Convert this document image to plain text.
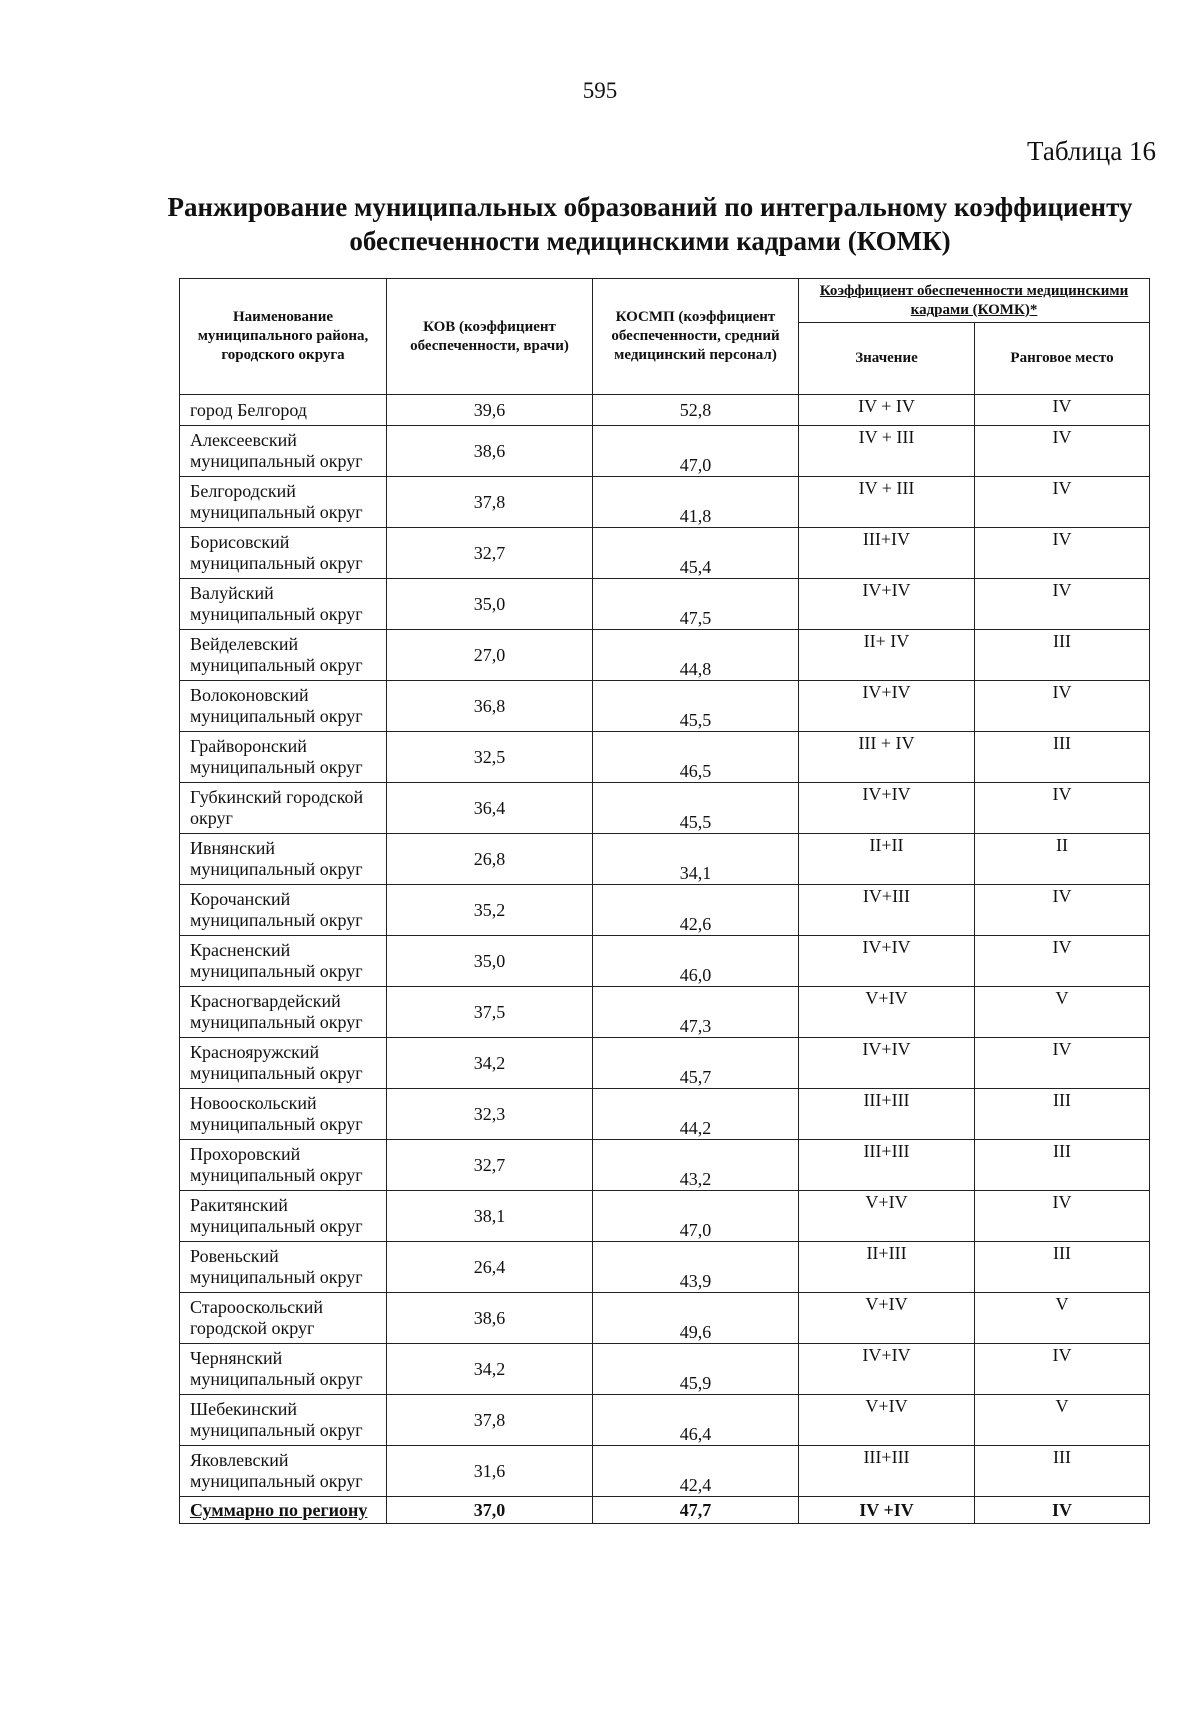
595
Таблица 16
Ранжирование муниципальных образований по интегральному коэффициенту
обеспеченности медицинскими кадрами (КОМК)
Наименование муниципального района, городского округа	КОВ (коэффициент обеспеченности, врачи)	КОСМП (коэффициент обеспеченности, средний медицинский персонал)	Коэффициент обеспеченности медицинскими кадрами (КОМК)*	
			Значение	Ранговое место
город Белгород	39,6	52,8	IV + IV	IV
Алексеевский муниципальный округ	38,6	47,0	IV + III	IV
Белгородский муниципальный округ	37,8	41,8	IV + III	IV
Борисовский муниципальный округ	32,7	45,4	III+IV	IV
Валуйский муниципальный округ	35,0	47,5	IV+IV	IV
Вейделевский муниципальный округ	27,0	44,8	II+ IV	III
Волоконовский муниципальный округ	36,8	45,5	IV+IV	IV
Грайворонский муниципальный округ	32,5	46,5	III + IV	III
Губкинский городской округ	36,4	45,5	IV+IV	IV
Ивнянский муниципальный округ	26,8	34,1	II+II	II
Корочанский муниципальный округ	35,2	42,6	IV+III	IV
Красненский муниципальный округ	35,0	46,0	IV+IV	IV
Красногвардейский муниципальный округ	37,5	47,3	V+IV	V
Краснояружский муниципальный округ	34,2	45,7	IV+IV	IV
Новооскольский муниципальный округ	32,3	44,2	III+III	III
Прохоровский муниципальный округ	32,7	43,2	III+III	III
Ракитянский муниципальный округ	38,1	47,0	V+IV	IV
Ровеньский муниципальный округ	26,4	43,9	II+III	III
Старооскольский городской округ	38,6	49,6	V+IV	V
Чернянский муниципальный округ	34,2	45,9	IV+IV	IV
Шебекинский муниципальный округ	37,8	46,4	V+IV	V
Яковлевский муниципальный округ	31,6	42,4	III+III	III
Суммарно по региону	37,0	47,7	IV +IV	IV
